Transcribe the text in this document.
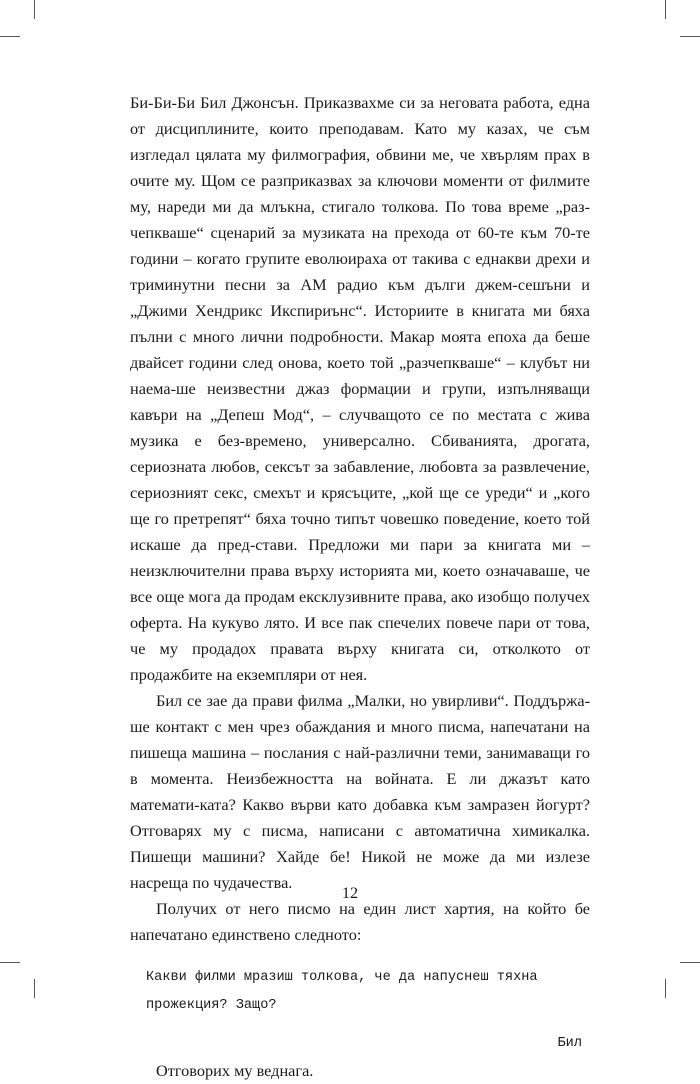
Би-Би-Би Бил Джонсън. Приказвахме си за неговата работа, една от дисциплините, които преподавам. Като му казах, че съм изгледал цялата му филмография, обвини ме, че хвърлям прах в очите му. Щом се разприказвах за ключови моменти от филмите му, нареди ми да млъкна, стигало толкова. По това време „раз-чепкваше“ сценарий за музиката на прехода от 60-те към 70-те години – когато групите еволюираха от такива с еднакви дрехи и триминутни песни за АМ радио към дълги джем-сешъни и „Джими Хендрикс Икспириънс“. Историите в книгата ми бяха пълни с много лични подробности. Макар моята епоха да беше двайсет години след онова, което той „разчепкваше“ – клубът ни наема-ше неизвестни джаз формации и групи, изпълняващи кавъри на „Депеш Мод“, – случващото се по местата с жива музика е без-времено, универсално. Сбиванията, дрогата, сериозната любов, сексът за забавление, любовта за развлечение, сериозният секс, смехът и крясъците, „кой ще се уреди“ и „кого ще го претрепят“ бяха точно типът човешко поведение, което той искаше да пред-стави. Предложи ми пари за книгата ми – неизключителни права върху историята ми, което означаваше, че все още мога да продам ексклузивните права, ако изобщо получех оферта. На кукуво лято. И все пак спечелих повече пари от това, че му продадох правата върху книгата си, отколкото от продажбите на екземпляри от нея.

Бил се зае да прави филма „Малки, но увирливи“. Поддържа-ше контакт с мен чрез обаждания и много писма, напечатани на пишеща машина – послания с най-различни теми, занимаващи го в момента. Неизбежността на войната. Е ли джазът като математи-ката? Какво върви като добавка към замразен йогурт? Отговарях му с писма, написани с автоматична химикалка. Пишещи машини? Хайде бе! Никой не може да ми излезе насреща по чудачества.

Получих от него писмо на един лист хартия, на който бе напечатано единствено следното:

Какви филми мразиш толкова, че да напуснеш тяхна прожекция? Защо?
Бил

Отговорих му веднага.

12
